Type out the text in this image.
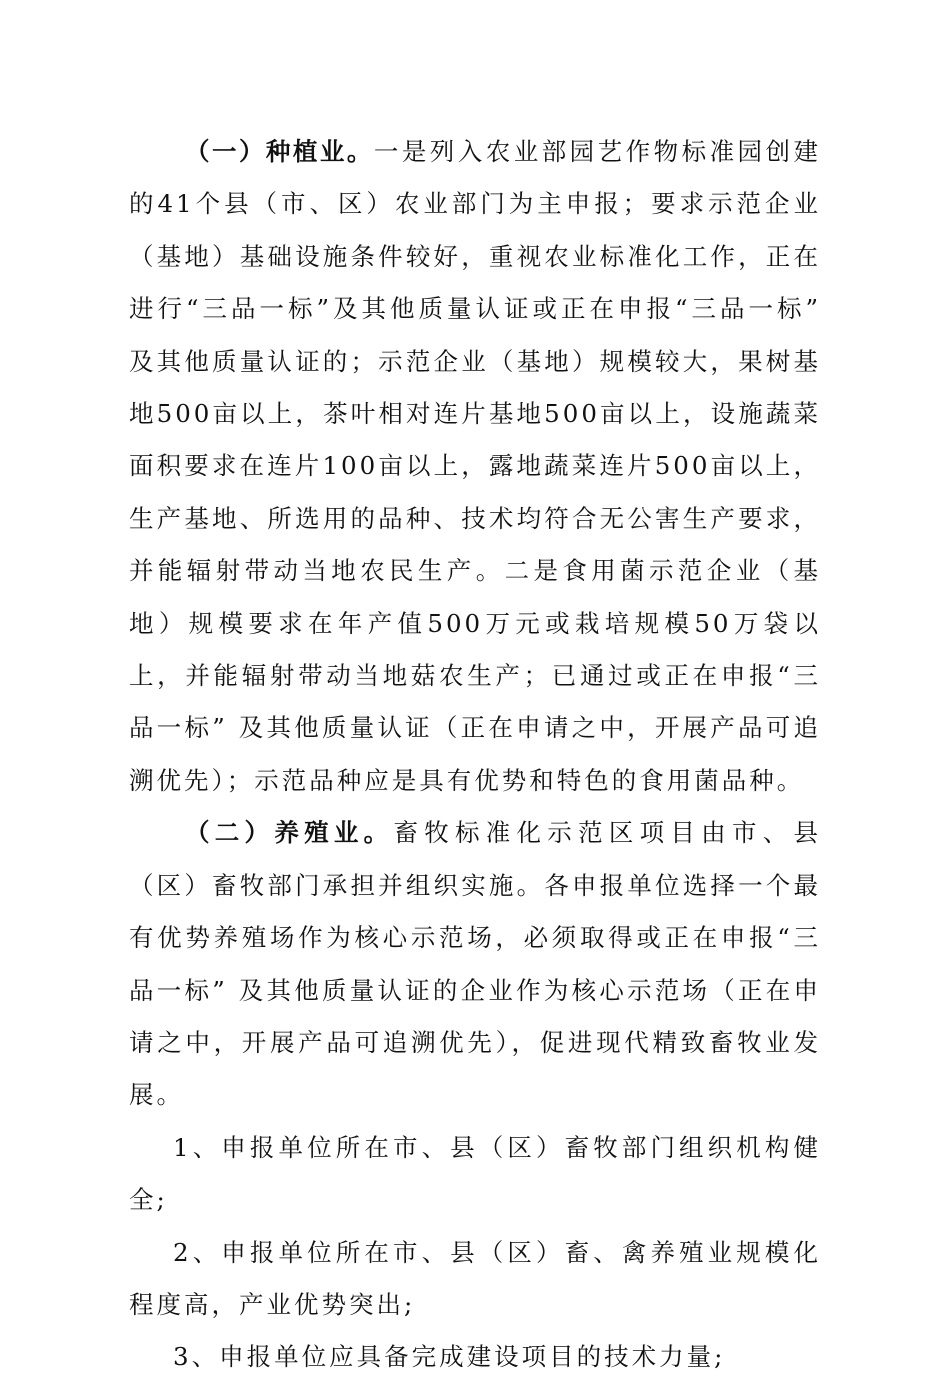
（一）种植业。一是列入农业部园艺作物标准园创建的41个县（市、区）农业部门为主申报；要求示范企业（基地）基础设施条件较好，重视农业标准化工作，正在进行“三品一标”及其他质量认证或正在申报“三品一标” 及其他质量认证的；示范企业（基地）规模较大，果树基地500亩以上，茶叶相对连片基地500亩以上，设施蔬菜面积要求在连片100亩以上，露地蔬菜连片500亩以上，生产基地、所选用的品种、技术均符合无公害生产要求，并能辐射带动当地农民生产。二是食用菌示范企业（基地）规模要求在年产值500万元或栽培规模50万袋以上，并能辐射带动当地菇农生产；已通过或正在申报“三品一标” 及其他质量认证（正在申请之中，开展产品可追溯优先）；示范品种应是具有优势和特色的食用菌品种。

（二）养殖业。畜牧标准化示范区项目由市、县（区）畜牧部门承担并组织实施。各申报单位选择一个最有优势养殖场作为核心示范场，必须取得或正在申报“三品一标” 及其他质量认证的企业作为核心示范场（正在申请之中，开展产品可追溯优先），促进现代精致畜牧业发展。

1、申报单位所在市、县（区）畜牧部门组织机构健全;

2、申报单位所在市、县（区）畜、禽养殖业规模化程度高，产业优势突出;

3、申报单位应具备完成建设项目的技术力量;
